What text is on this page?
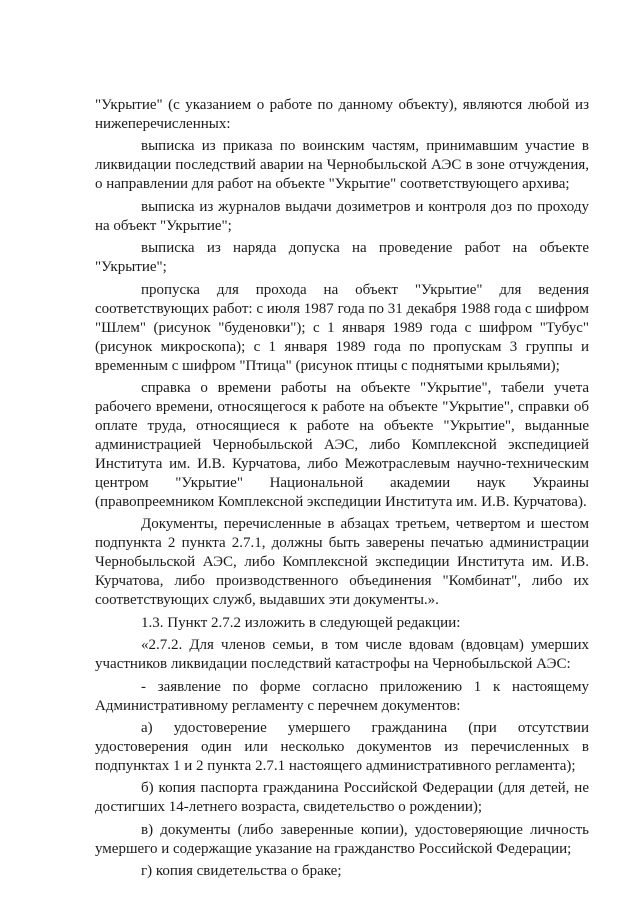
"Укрытие" (с указанием о работе по данному объекту), являются любой из нижеперечисленных:

выписка из приказа по воинским частям, принимавшим участие в ликвидации последствий аварии на Чернобыльской АЭС в зоне отчуждения, о направлении для работ на объекте "Укрытие" соответствующего архива;

выписка из журналов выдачи дозиметров и контроля доз по проходу на объект "Укрытие";

выписка из наряда допуска на проведение работ на объекте "Укрытие";

пропуска для прохода на объект "Укрытие" для ведения соответствующих работ: с июля 1987 года по 31 декабря 1988 года с шифром "Шлем" (рисунок "буденовки"); с 1 января 1989 года с шифром "Тубус" (рисунок микроскопа); с 1 января 1989 года по пропускам 3 группы и временным с шифром "Птица" (рисунок птицы с поднятыми крыльями);

справка о времени работы на объекте "Укрытие", табели учета рабочего времени, относящегося к работе на объекте "Укрытие", справки об оплате труда, относящиеся к работе на объекте "Укрытие", выданные администрацией Чернобыльской АЭС, либо Комплексной экспедицией Института им. И.В. Курчатова, либо Межотраслевым научно-техническим центром "Укрытие" Национальной академии наук Украины (правопреемником Комплексной экспедиции Института им. И.В. Курчатова).

Документы, перечисленные в абзацах третьем, четвертом и шестом подпункта 2 пункта 2.7.1, должны быть заверены печатью администрации Чернобыльской АЭС, либо Комплексной экспедиции Института им. И.В. Курчатова, либо производственного объединения "Комбинат", либо их соответствующих служб, выдавших эти документы.».

1.3. Пункт 2.7.2 изложить в следующей редакции:

«2.7.2. Для членов семьи, в том числе вдовам (вдовцам) умерших участников ликвидации последствий катастрофы на Чернобыльской АЭС:

- заявление по форме согласно приложению 1 к настоящему Административному регламенту с перечнем документов:

а) удостоверение умершего гражданина (при отсутствии удостоверения один или несколько документов из перечисленных в подпунктах 1 и 2 пункта 2.7.1 настоящего административного регламента);

б) копия паспорта гражданина Российской Федерации (для детей, не достигших 14-летнего возраста, свидетельство о рождении);

в) документы (либо заверенные копии), удостоверяющие личность умершего и содержащие указание на гражданство Российской Федерации;

г) копия свидетельства о браке;
